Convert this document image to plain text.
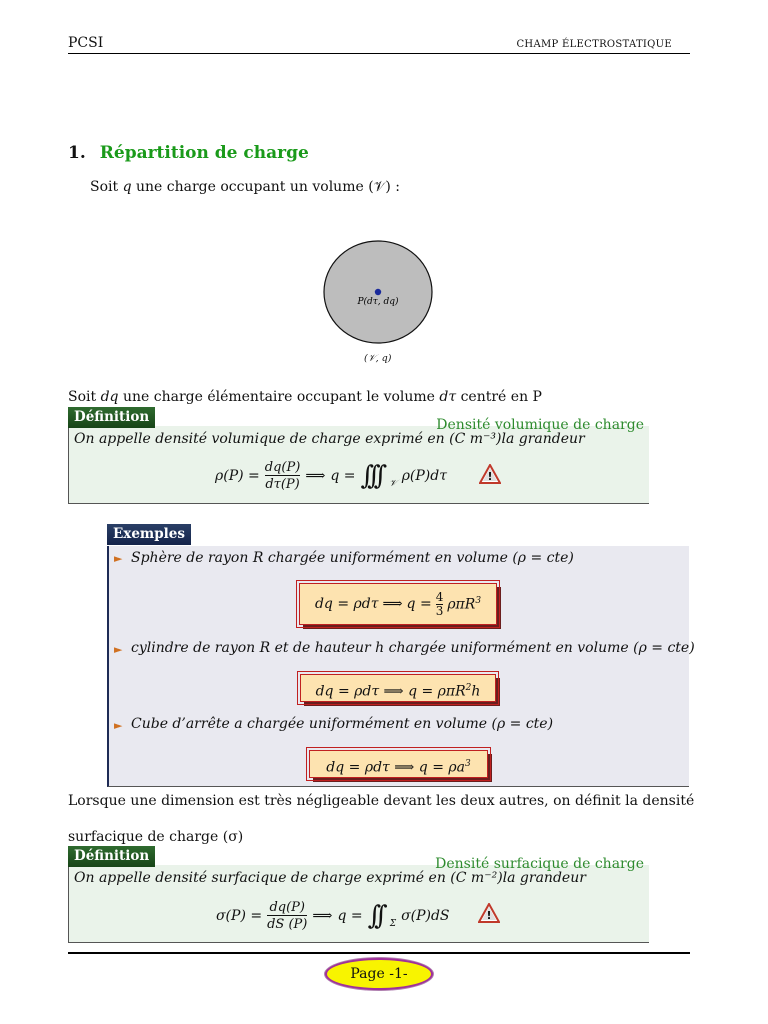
PCSI	CHAMP ÉLECTROSTATIQUE
1. Répartition de charge
Soit q une charge occupant un volume (𝒱) :
P(dτ, dq)
(𝒱, q)
Soit dq une charge élémentaire occupant le volume dτ centré en P
Définition	Densité volumique de charge
On appelle densité volumique de charge exprimé en (C m⁻³)la grandeur
$\rho(P) = \frac{dq(P)}{d\tau(P)}$ ⟹ q = ∫∫∫ 𝒱 ρ(P)dτ	!
Exemples
► Sphère de rayon R chargée uniformément en volume (ρ = cte)
dq = ρdτ ⟹ $q = \frac{4}{3} \rho\pi R^3$
► cylindre de rayon R et de hauteur h chargée uniformément en volume (ρ = cte)
dq = ρdτ ⟹ q = ρπR$^2$h
► Cube d’arrête a chargée uniformément en volume (ρ = cte)
dq = ρdτ ⟹ $q = \rho a^3$
Lorsque une dimension est très négligeable devant les deux autres, on définit la densité
surfacique de charge (σ)
Définition	Densité surfacique de charge
On appelle densité surfacique de charge exprimé en (C m⁻²)la grandeur
$\sigma(P) = \frac{dq(P)}{dS (P)}$ ⟹ q = ∫∫ Σ σ(P)dS	!
Page -1-
